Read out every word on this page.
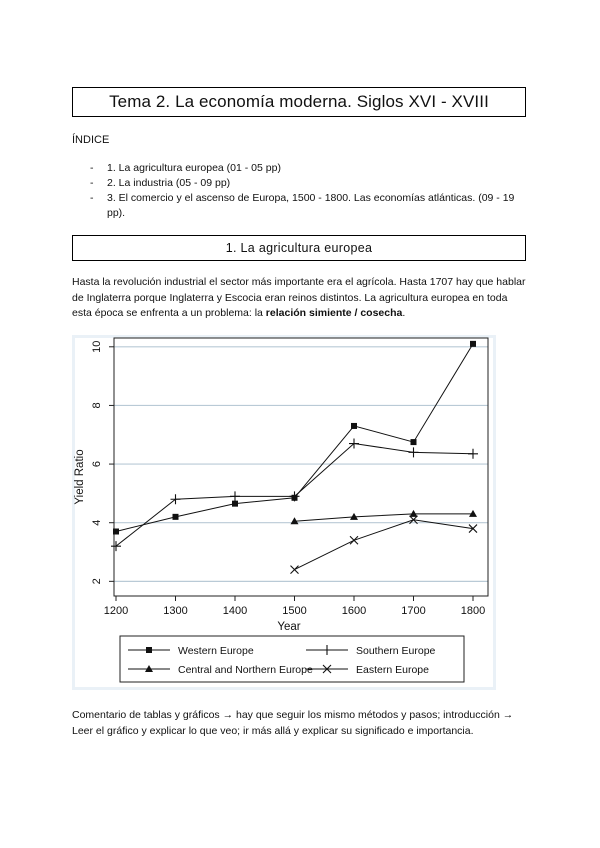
Tema 2. La economía moderna. Siglos XVI - XVIII
ÍNDICE
- 1. La agricultura europea (01 - 05 pp)
- 2. La industria (05 - 09 pp)
- 3. El comercio y el ascenso de Europa, 1500 - 1800. Las economías atlánticas. (09 - 19 pp).
1. La agricultura europea
Hasta la revolución industrial el sector más importante era el agrícola. Hasta 1707 hay que hablar de Inglaterra porque Inglaterra y Escocia eran reinos distintos. La agricultura europea en toda esta época se enfrenta a un problema: la relación simiente / cosecha.
2
4
6
8
10
1200	1300	1400	1500	1600	1700	1800
Year
Yield Ratio
Western Europe	Southern Europe
Central and Northern Europe	Eastern Europe
Comentario de tablas y gráficos → hay que seguir los mismo métodos y pasos; introducción → Leer el gráfico y explicar lo que veo; ir más allá y explicar su significado e importancia.
